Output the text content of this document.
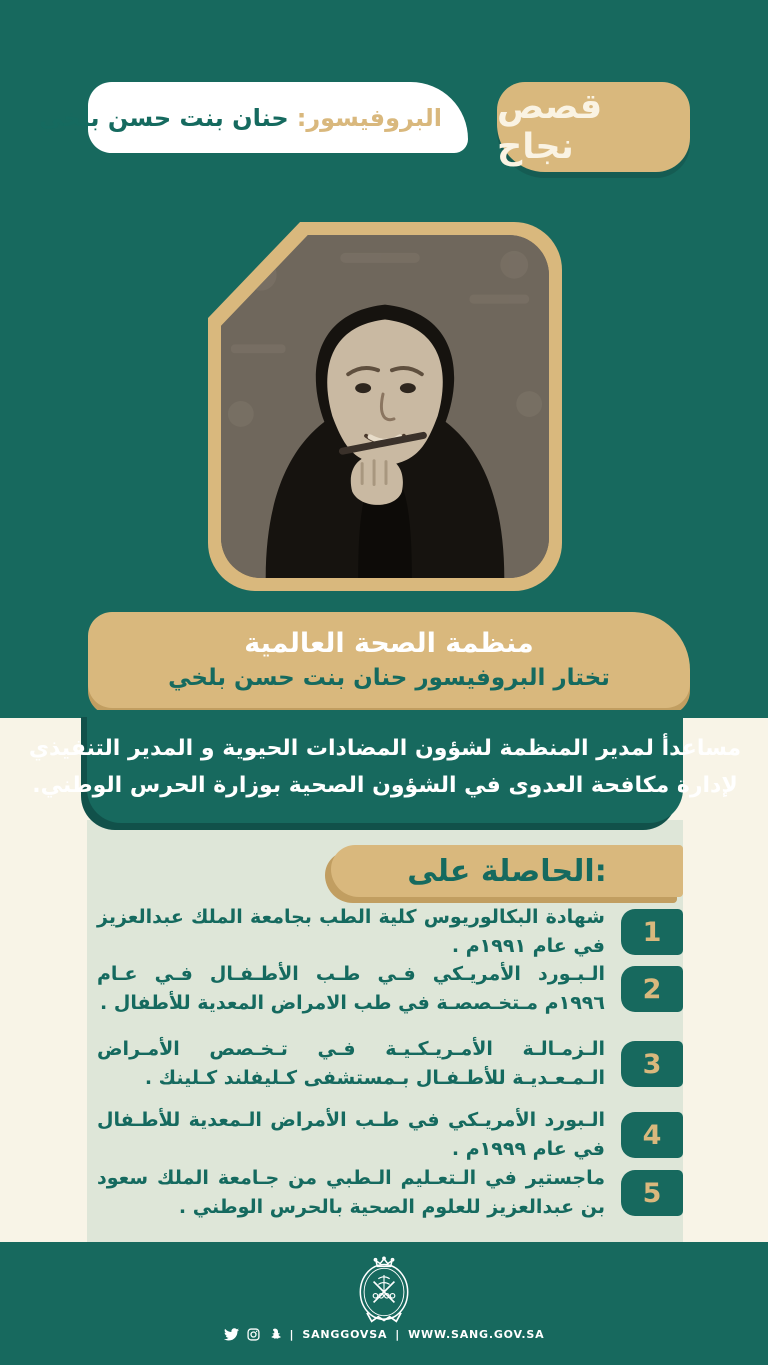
قصص نجاح
البروفيسور:
حنان بنت حسن بلخي
منظمة الصحة العالمية
تختار البروفيسور حنان بنت حسن بلخي
مساعدأ لمدير المنظمة لشؤون المضادات الحيوية و المدير التنفيذي
لإدارة مكافحة العدوى في الشؤون الصحية بوزارة الحرس الوطني.
الحاصلة على:
1

شهادة البكالوريوس كلية الطب بجامعة الملك عبدالعزيز في عام ١٩٩١م .

2

الـبـورد الأمريـكي فـي طـب الأطـفـال فـي عـام ١٩٩٦م مـتخـصصـة في طب الامراض المعدية للأطفال .

3

الـزمـالـة الأمـريـكـيـة فـي تـخـصص الأمـراض الـمـعـديـة للأطـفـال بـمستشفى كـليفلند كـلينك .

4

الـبورد الأمريـكي في طـب الأمراض الـمعدية للأطـفال في عام ١٩٩٩م .

5

ماجستير في الـتعـليم الـطبي من جـامعة الملك سعود بن عبدالعزيز للعلوم الصحية بالحرس الوطني .

| SANGGOVSA | WWW.SANG.GOV.SA
